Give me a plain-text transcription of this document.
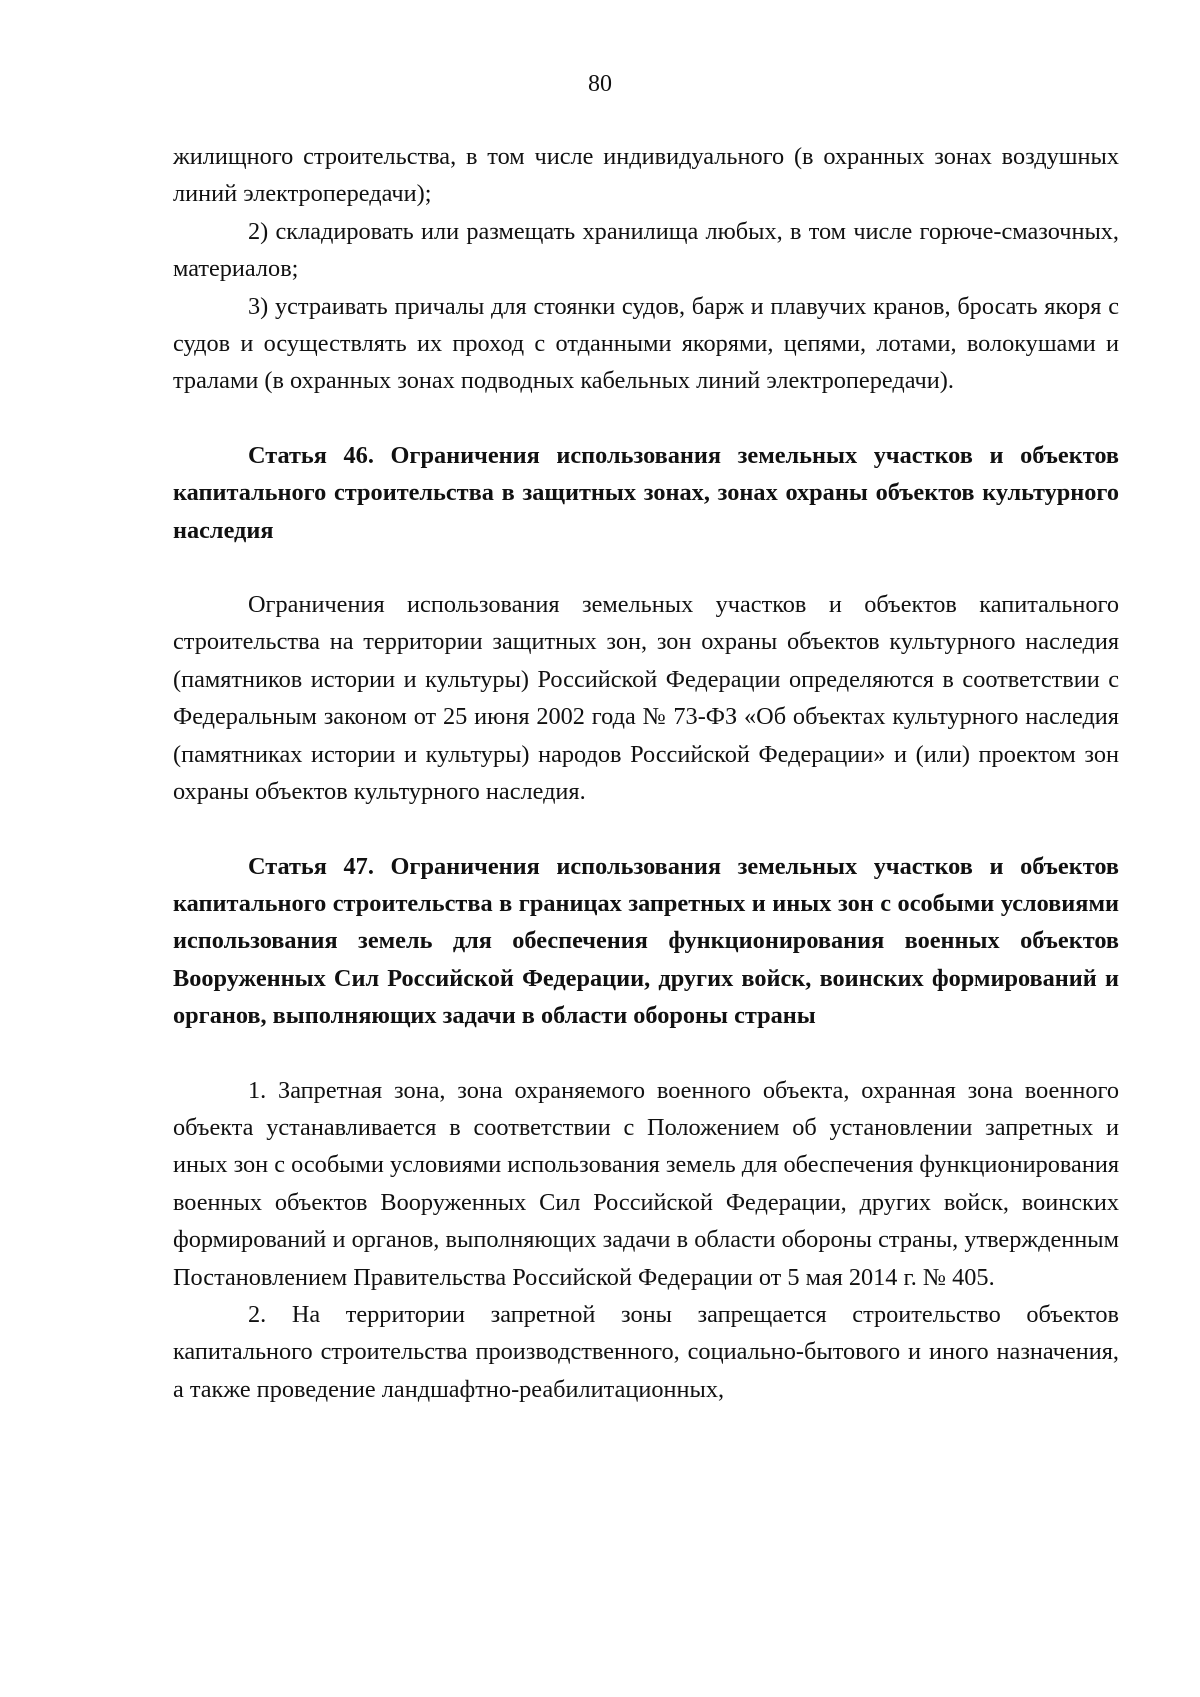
80

жилищного строительства, в том числе индивидуального (в охранных зонах воздушных линий электропередачи);

2) складировать или размещать хранилища любых, в том числе горюче-смазочных, материалов;

3) устраивать причалы для стоянки судов, барж и плавучих кранов, бросать якоря с судов и осуществлять их проход с отданными якорями, цепями, лотами, волокушами и тралами (в охранных зонах подводных кабельных линий электропередачи).

Статья 46. Ограничения использования земельных участков и объектов капитального строительства в защитных зонах, зонах охраны объектов культурного наследия

Ограничения использования земельных участков и объектов капитального строительства на территории защитных зон, зон охраны объектов культурного наследия (памятников истории и культуры) Российской Федерации определяются в соответствии с Федеральным законом от 25 июня 2002 года № 73-ФЗ «Об объектах культурного наследия (памятниках истории и культуры) народов Российской Федерации» и (или) проектом зон охраны объектов культурного наследия.

Статья 47. Ограничения использования земельных участков и объектов капитального строительства в границах запретных и иных зон с особыми условиями использования земель для обеспечения функционирования военных объектов Вооруженных Сил Российской Федерации, других войск, воинских формирований и органов, выполняющих задачи в области обороны страны

1. Запретная зона, зона охраняемого военного объекта, охранная зона военного объекта устанавливается в соответствии с Положением об установлении запретных и иных зон с особыми условиями использования земель для обеспечения функционирования военных объектов Вооруженных Сил Российской Федерации, других войск, воинских формирований и органов, выполняющих задачи в области обороны страны, утвержденным Постановлением Правительства Российской Федерации от 5 мая 2014 г. № 405.

2. На территории запретной зоны запрещается строительство объектов капитального строительства производственного, социально-бытового и иного назначения, а также проведение ландшафтно-реабилитационных,
